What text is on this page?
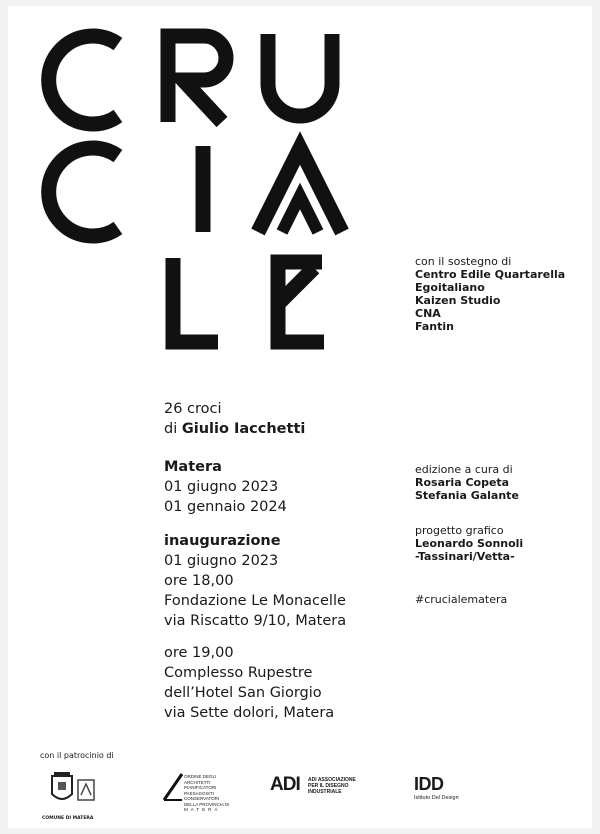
con il sostegno di
Centro Edile Quartarella
Egoitaliano
Kaizen Studio
CNA
Fantin
26 croci
di Giulio Iacchetti
Matera
01 giugno 2023
01 gennaio 2024
inaugurazione
01 giugno 2023
ore 18,00
Fondazione Le Monacelle
via Riscatto 9/10, Matera
ore 19,00
Complesso Rupestre
dell’Hotel San Giorgio
via Sette dolori, Matera
edizione a cura di
Rosaria Copeta
Stefania Galante
progetto grafico
Leonardo Sonnoli
-Tassinari/Vetta-
#crucialematera
con il patrocinio di
COMUNE DI MATERA
ORDINE DEGLI
ARCHITETTI
PIANIFICATORI
PAESAGGISTI
CONSERVATORI
DELLA PROVINCIA DI
MATERA
ADI ADI ASSOCIAZIONE
PER IL DISEGNO
INDUSTRIALE	IDD
Istituto Del Design
